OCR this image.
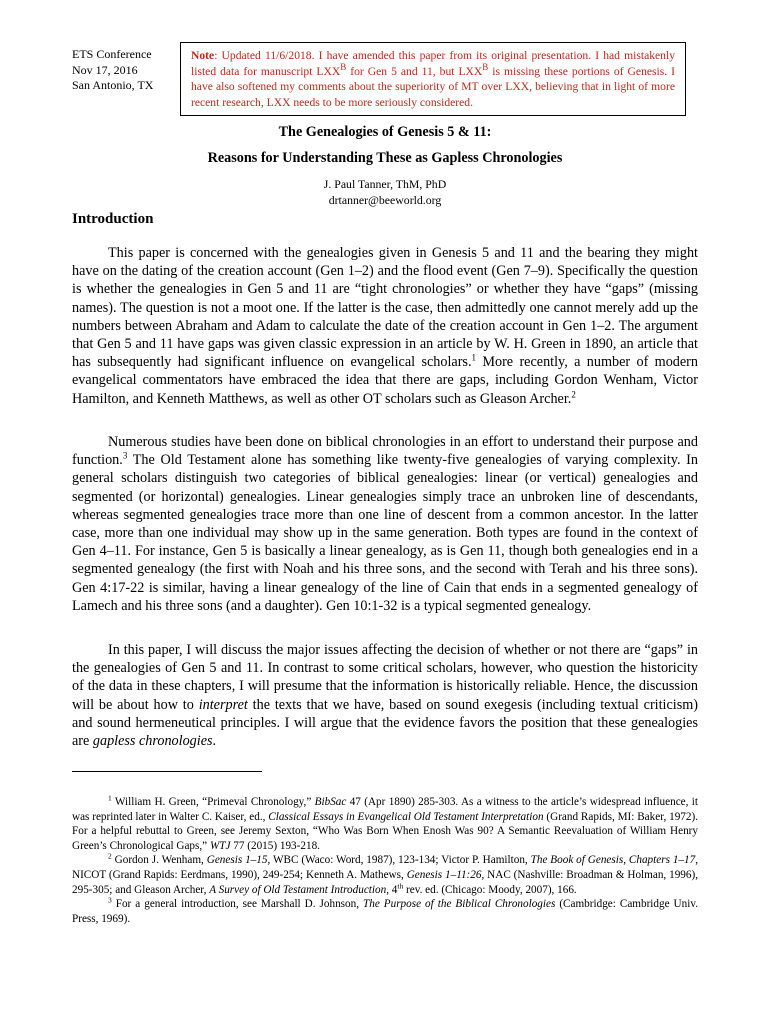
ETS Conference
Nov 17, 2016
San Antonio, TX
Note: Updated 11/6/2018. I have amended this paper from its original presentation. I had mistakenly listed data for manuscript $LXX^B$ for Gen 5 and 11, but $LXX^B$ is missing these portions of Genesis. I have also softened my comments about the superiority of MT over LXX, believing that in light of more recent research, LXX needs to be more seriously considered.
The Genealogies of Genesis 5 & 11:
Reasons for Understanding These as Gapless Chronologies
J. Paul Tanner, ThM, PhD
drtanner@beeworld.org
Introduction

This paper is concerned with the genealogies given in Genesis 5 and 11 and the bearing they might have on the dating of the creation account (Gen 1–2) and the flood event (Gen 7–9). Specifically the question is whether the genealogies in Gen 5 and 11 are “tight chronologies” or whether they have “gaps” (missing names). The question is not a moot one. If the latter is the case, then admittedly one cannot merely add up the numbers between Abraham and Adam to calculate the date of the creation account in Gen 1–2. The argument that Gen 5 and 11 have gaps was given classic expression in an article by W. H. Green in 1890, an article that has subsequently had significant influence on evangelical scholars.$^1$ More recently, a number of modern evangelical commentators have embraced the idea that there are gaps, including Gordon Wenham, Victor Hamilton, and Kenneth Matthews, as well as other OT scholars such as Gleason Archer.$^2$

Numerous studies have been done on biblical chronologies in an effort to understand their purpose and function.$^3$ The Old Testament alone has something like twenty-five genealogies of varying complexity. In general scholars distinguish two categories of biblical genealogies: linear (or vertical) genealogies and segmented (or horizontal) genealogies. Linear genealogies simply trace an unbroken line of descendants, whereas segmented genealogies trace more than one line of descent from a common ancestor. In the latter case, more than one individual may show up in the same generation. Both types are found in the context of Gen 4–11. For instance, Gen 5 is basically a linear genealogy, as is Gen 11, though both genealogies end in a segmented genealogy (the first with Noah and his three sons, and the second with Terah and his three sons). Gen 4:17-22 is similar, having a linear genealogy of the line of Cain that ends in a segmented genealogy of Lamech and his three sons (and a daughter). Gen 10:1-32 is a typical segmented genealogy.

In this paper, I will discuss the major issues affecting the decision of whether or not there are “gaps” in the genealogies of Gen 5 and 11. In contrast to some critical scholars, however, who question the historicity of the data in these chapters, I will presume that the information is historically reliable. Hence, the discussion will be about how to interpret the texts that we have, based on sound exegesis (including textual criticism) and sound hermeneutical principles. I will argue that the evidence favors the position that these genealogies are gapless chronologies.

$^1$ William H. Green, “Primeval Chronology,” BibSac 47 (Apr 1890) 285-303. As a witness to the article’s widespread influence, it was reprinted later in Walter C. Kaiser, ed., Classical Essays in Evangelical Old Testament Interpretation (Grand Rapids, MI: Baker, 1972). For a helpful rebuttal to Green, see Jeremy Sexton, “Who Was Born When Enosh Was 90? A Semantic Reevaluation of William Henry Green’s Chronological Gaps,” WTJ 77 (2015) 193-218.

$^2$ Gordon J. Wenham, Genesis 1–15, WBC (Waco: Word, 1987), 123-134; Victor P. Hamilton, The Book of Genesis, Chapters 1–17, NICOT (Grand Rapids: Eerdmans, 1990), 249-254; Kenneth A. Mathews, Genesis 1–11:26, NAC (Nashville: Broadman & Holman, 1996), 295-305; and Gleason Archer, A Survey of Old Testament Introduction, 4th rev. ed. (Chicago: Moody, 2007), 166.

$^3$ For a general introduction, see Marshall D. Johnson, The Purpose of the Biblical Chronologies (Cambridge: Cambridge Univ. Press, 1969).
